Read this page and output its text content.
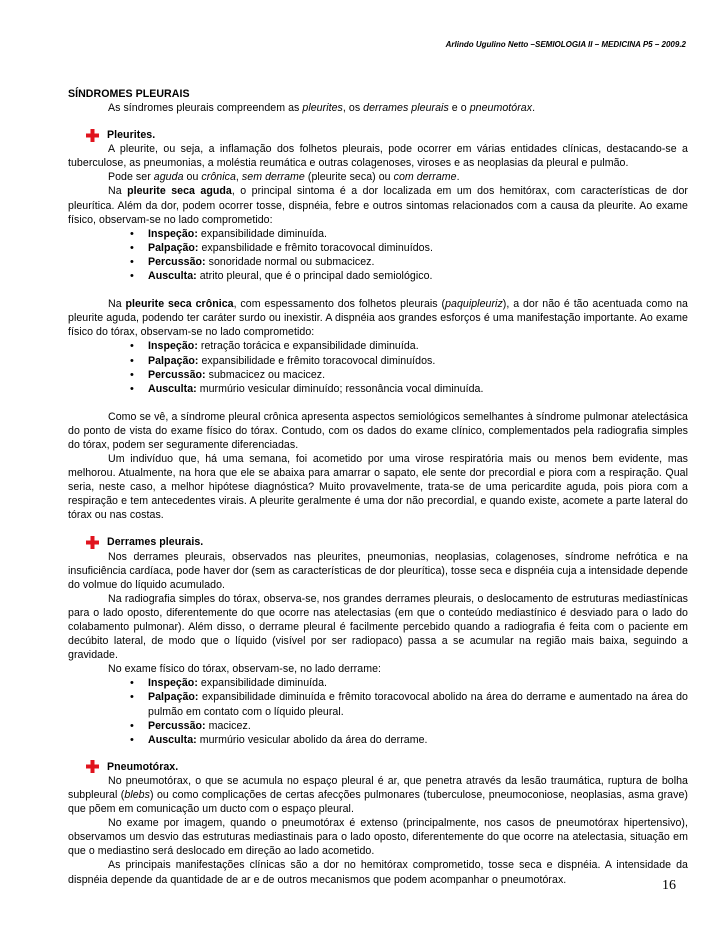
Arlindo Ugulino Netto –SEMIOLOGIA II – MEDICINA P5 – 2009.2

SÍNDROMES PLEURAIS

As síndromes pleurais compreendem as pleurites, os derrames pleurais e o pneumotórax.

Pleurites.

A pleurite, ou seja, a inflamação dos folhetos pleurais, pode ocorrer em várias entidades clínicas, destacando-se a tuberculose, as pneumonias, a moléstia reumática e outras colagenoses, viroses e as neoplasias da pleural e pulmão.

Pode ser aguda ou crônica, sem derrame (pleurite seca) ou com derrame.

Na pleurite seca aguda, o principal sintoma é a dor localizada em um dos hemitórax, com características de dor pleurítica. Além da dor, podem ocorrer tosse, dispnéia, febre e outros sintomas relacionados com a causa da pleurite. Ao exame físico, observam-se no lado comprometido:

• Inspeção: expansibilidade diminuída.
• Palpação: expansbilidade e frêmito toracovocal diminuídos.
• Percussão: sonoridade normal ou submacicez.
• Ausculta: atrito pleural, que é o principal dado semiológico.

Na pleurite seca crônica, com espessamento dos folhetos pleurais (paquipleuriz), a dor não é tão acentuada como na pleurite aguda, podendo ter caráter surdo ou inexistir. A dispnéia aos grandes esforços é uma manifestação importante. Ao exame físico do tórax, observam-se no lado comprometido:

• Inspeção: retração torácica e expansibilidade diminuída.
• Palpação: expansibilidade e frêmito toracovocal diminuídos.
• Percussão: submacicez ou macicez.
• Ausculta: murmúrio vesicular diminuído; ressonância vocal diminuída.

Como se vê, a síndrome pleural crônica apresenta aspectos semiológicos semelhantes à síndrome pulmonar atelectásica do ponto de vista do exame físico do tórax. Contudo, com os dados do exame clínico, complementados pela radiografia simples do tórax, podem ser seguramente diferenciadas.

Um indivíduo que, há uma semana, foi acometido por uma virose respiratória mais ou menos bem evidente, mas melhorou. Atualmente, na hora que ele se abaixa para amarrar o sapato, ele sente dor precordial e piora com a respiração. Qual seria, neste caso, a melhor hipótese diagnóstica? Muito provavelmente, trata-se de uma pericardite aguda, pois piora com a respiração e tem antecedentes virais. A pleurite geralmente é uma dor não precordial, e quando existe, acomete a parte lateral do tórax ou nas costas.

Derrames pleurais.

Nos derrames pleurais, observados nas pleurites, pneumonias, neoplasias, colagenoses, síndrome nefrótica e na insuficiência cardíaca, pode haver dor (sem as características de dor pleurítica), tosse seca e dispnéia cuja a intensidade depende do volmue do líquido acumulado.

Na radiografia simples do tórax, observa-se, nos grandes derrames pleurais, o deslocamento de estruturas mediastínicas para o lado oposto, diferentemente do que ocorre nas atelectasias (em que o conteúdo mediastínico é desviado para o lado do colabamento pulmonar). Além disso, o derrame pleural é facilmente percebido quando a radiografia é feita com o paciente em decúbito lateral, de modo que o líquido (visível por ser radiopaco) passa a se acumular na região mais baixa, seguindo a gravidade.

No exame físico do tórax, observam-se, no lado derrame:

• Inspeção: expansibilidade diminuída.
• Palpação: expansibilidade diminuída e frêmito toracovocal abolido na área do derrame e aumentado na área do pulmão em contato com o líquido pleural.
• Percussão: macicez.
• Ausculta: murmúrio vesicular abolido da área do derrame.
Pneumotórax.

No pneumotórax, o que se acumula no espaço pleural é ar, que penetra através da lesão traumática, ruptura de bolha subpleural (blebs) ou como complicações de certas afecções pulmonares (tuberculose, pneumoconiose, neoplasias, asma grave) que põem em comunicação um ducto com o espaço pleural.

No exame por imagem, quando o pneumotórax é extenso (principalmente, nos casos de pneumotórax hipertensivo), observamos um desvio das estruturas mediastinais para o lado oposto, diferentemente do que ocorre na atelectasia, situação em que o mediastino será deslocado em direção ao lado acometido.

As principais manifestações clínicas são a dor no hemitórax comprometido, tosse seca e dispnéia. A intensidade da dispnéia depende da quantidade de ar e de outros mecanismos que podem acompanhar o pneumotórax.	16
